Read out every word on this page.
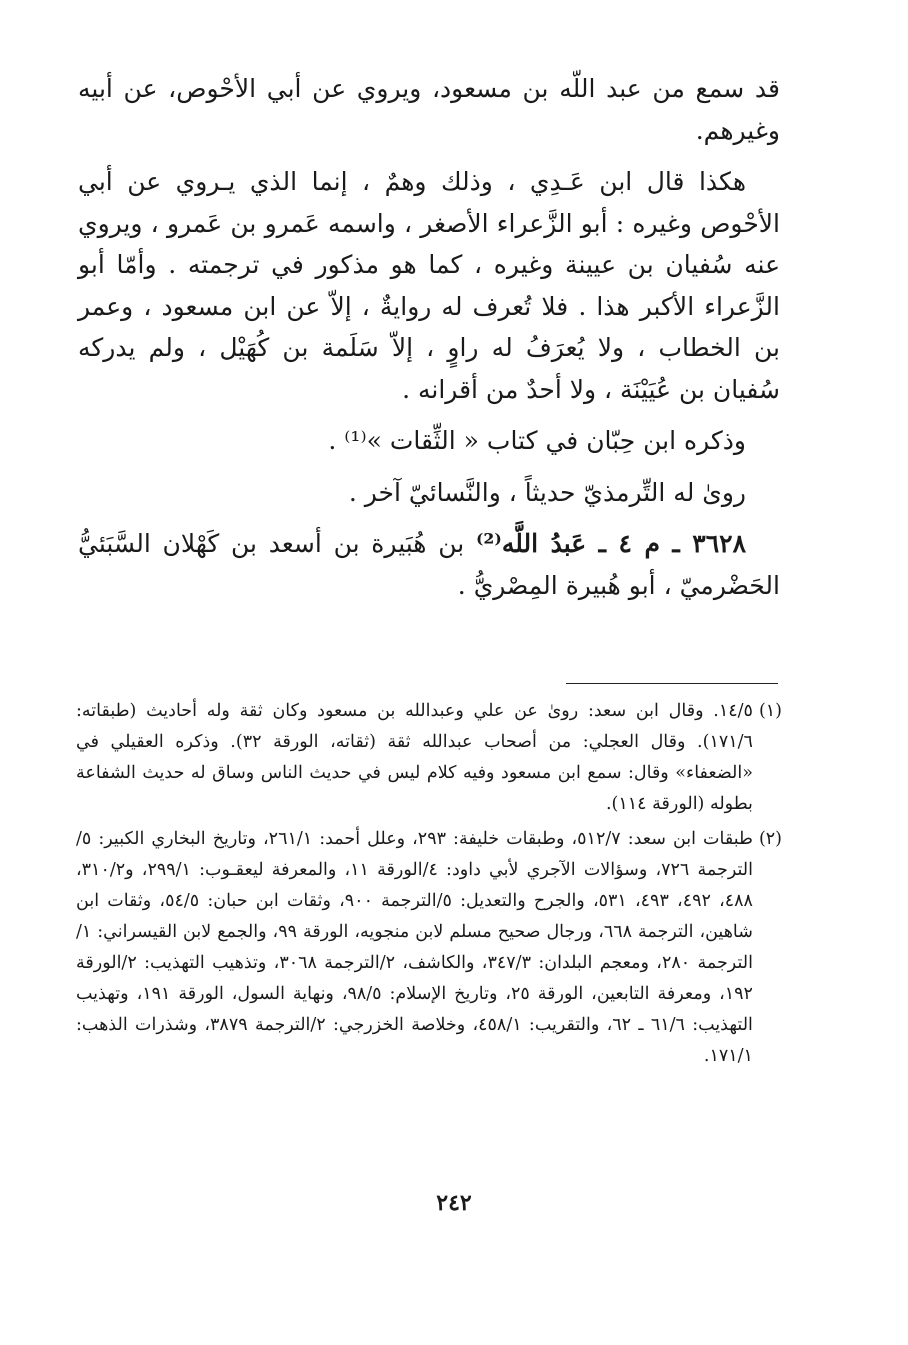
قد سمع من عبد اللّه بن مسعود، ويروي عن أبي الأحْوص، عن أبيه وغيرهم.

هكذا قال ابن عَـدِي ، وذلك وهمٌ ، إنما الذي يـروي عن أبي الأحْوص وغيره : أبو الزَّعراء الأصغر ، واسمه عَمرو بن عَمرو ، ويروي عنه سُفيان بن عيينة وغيره ، كما هو مذكور في ترجمته . وأمّا أبو الزَّعراء الأكبر هذا . فلا تُعرف له روايةٌ ، إلاّ عن ابن مسعود ، وعمر بن الخطاب ، ولا يُعرَفُ له راوٍ ، إلاّ سَلَمة بن كُهَيْل ، ولم يدركه سُفيان بن عُيَيْنَة ، ولا أحدٌ من أقرانه .

وذكره ابن حِبّان في كتاب « الثِّقات »⁽¹⁾ .

روىٰ له التِّرمذيّ حديثاً ، والنَّسائيّ آخر .

٣٦٢٨ ـ م ٤ ـ عَبدُ اللَّه⁽²⁾ بن هُبَيرة بن أسعد بن كَهْلان السَّبَئيُّ الحَضْرميّ ، أبو هُبيرة المِصْريُّ .

(١)
١٤/٥. وقال ابن سعد: روىٰ عن علي وعبدالله بن مسعود وكان ثقة وله أحاديث (طبقاته: ١٧١/٦). وقال العجلي: من أصحاب عبدالله ثقة (ثقاته، الورقة ٣٢). وذكره العقيلي في «الضعفاء» وقال: سمع ابن مسعود وفيه كلام ليس في حديث الناس وساق له حديث الشفاعة بطوله (الورقة ١١٤).
(٢)
طبقات ابن سعد: ٥١٢/٧، وطبقات خليفة: ٢٩٣، وعلل أحمد: ٢٦١/١، وتاريخ البخاري الكبير: ٥/الترجمة ٧٢٦، وسؤالات الآجري لأبي داود: ٤/الورقة ١١، والمعرفة ليعقـوب: ٢٩٩/١، و٣١٠/٢، ٤٨٨، ٤٩٢، ٤٩٣، ٥٣١، والجرح والتعديل: ٥/الترجمة ٩٠٠، وثقات ابن حبان: ٥٤/٥، وثقات ابن شاهين، الترجمة ٦٦٨، ورجال صحيح مسلم لابن منجويه، الورقة ٩٩، والجمع لابن القيسراني: ١/الترجمة ٢٨٠، ومعجم البلدان: ٣٤٧/٣، والكاشف، ٢/الترجمة ٣٠٦٨، وتذهيب التهذيب: ٢/الورقة ١٩٢، ومعرفة التابعين، الورقة ٢٥، وتاريخ الإسلام: ٩٨/٥، ونهاية السول، الورقة ١٩١، وتهذيب التهذيب: ٦١/٦ ـ ٦٢، والتقريب: ٤٥٨/١، وخلاصة الخزرجي: ٢/الترجمة ٣٨٧٩، وشذرات الذهب: ١٧١/١.
٢٤٢
